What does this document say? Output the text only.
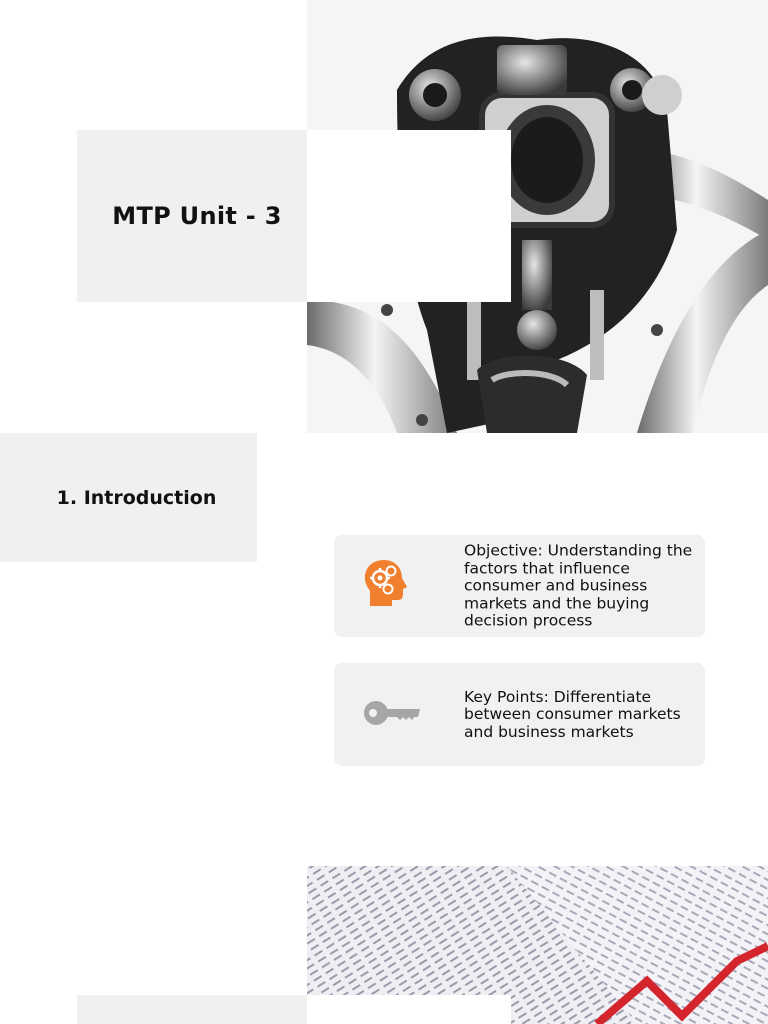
MTP Unit - 3
1. Introduction
Objective: Understanding the factors that influence consumer and business markets and the buying decision process
Key Points: Differentiate between consumer markets and business markets
